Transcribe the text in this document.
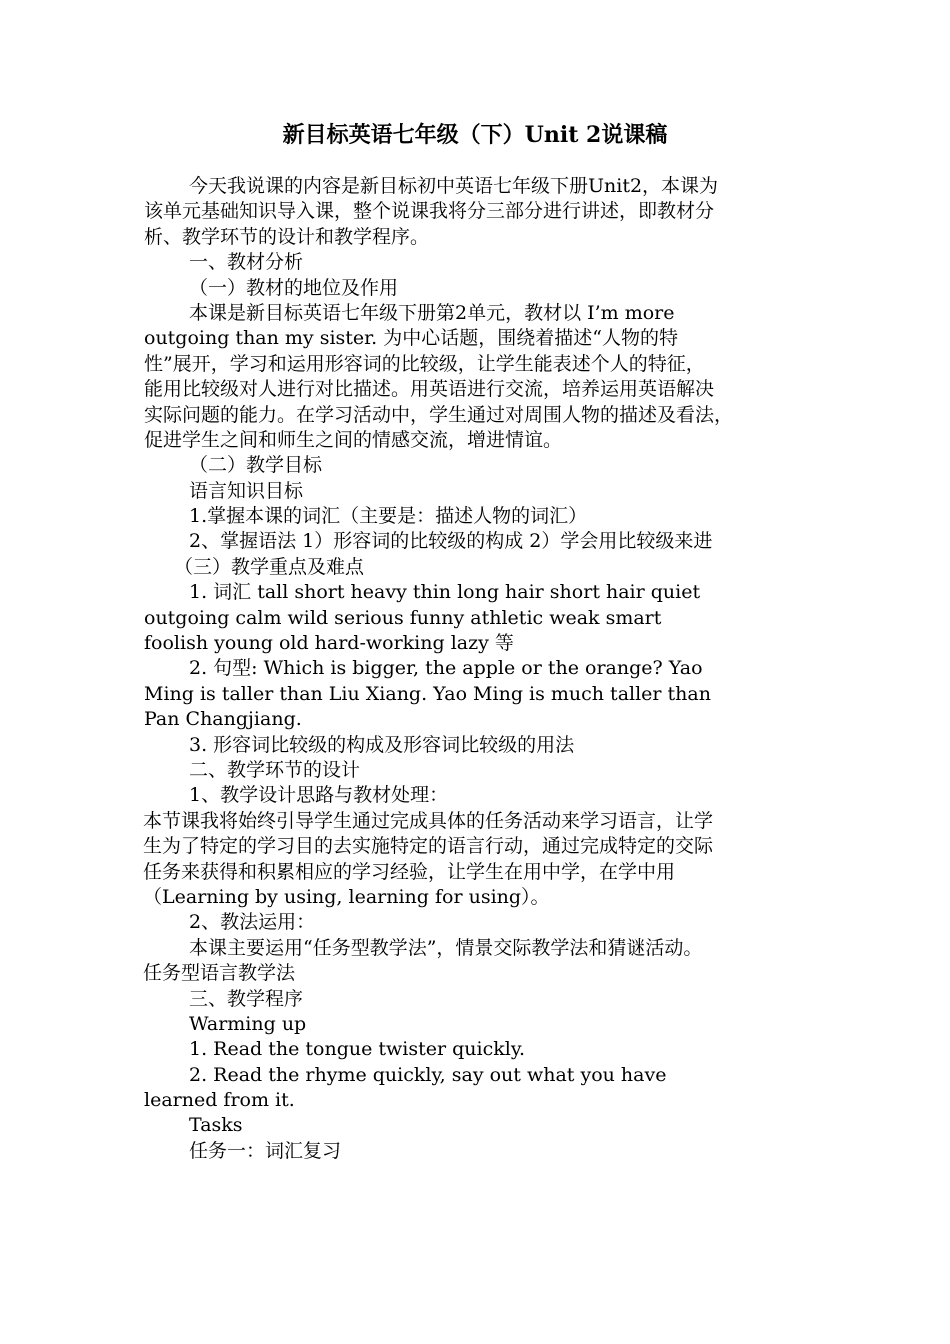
新目标英语七年级（下）Unit 2说课稿
今天我说课的内容是新目标初中英语七年级下册Unit2，本课为
该单元基础知识导入课，整个说课我将分三部分进行讲述，即教材分
析、教学环节的设计和教学程序。
一、教材分析
（一）教材的地位及作用
本课是新目标英语七年级下册第2单元，教材以 I’m more
outgoing than my sister. 为中心话题，围绕着描述“人物的特
性”展开，学习和运用形容词的比较级，让学生能表述个人的特征，
能用比较级对人进行对比描述。用英语进行交流，培养运用英语解决
实际问题的能力。在学习活动中，学生通过对周围人物的描述及看法，
促进学生之间和师生之间的情感交流，增进情谊。
（二）教学目标
语言知识目标
1.掌握本课的词汇（主要是：描述人物的词汇）
2、掌握语法 1）形容词的比较级的构成 2）学会用比较级来进
（三）教学重点及难点
1. 词汇 tall short heavy thin long hair short hair quiet
outgoing calm wild serious funny athletic weak smart
foolish young old hard-working lazy 等
2. 句型: Which is bigger, the apple or the orange? Yao
Ming is taller than Liu Xiang. Yao Ming is much taller than
Pan Changjiang.
3. 形容词比较级的构成及形容词比较级的用法
二、教学环节的设计
1、教学设计思路与教材处理：
本节课我将始终引导学生通过完成具体的任务活动来学习语言，让学
生为了特定的学习目的去实施特定的语言行动，通过完成特定的交际
任务来获得和积累相应的学习经验，让学生在用中学，在学中用
（Learning by using, learning for using）。
2、教法运用：
本课主要运用“任务型教学法”，情景交际教学法和猜谜活动。
任务型语言教学法
三、教学程序
Warming up
1. Read the tongue twister quickly.
2. Read the rhyme quickly, say out what you have
learned from it.
Tasks
任务一：词汇复习
